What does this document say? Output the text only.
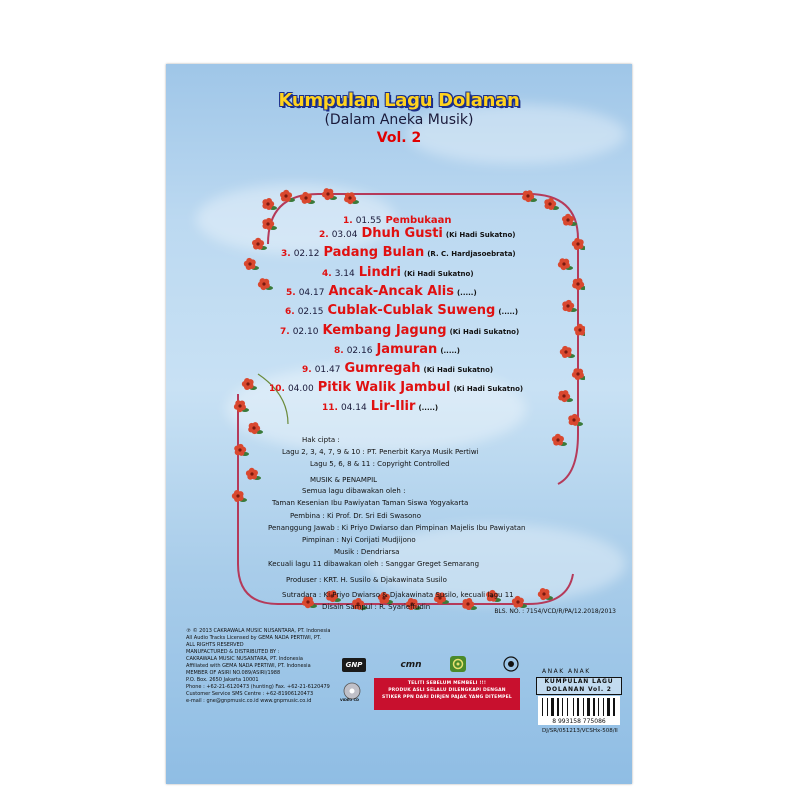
Kumpulan Lagu Dolanan
(Dalam Aneka Musik)
Vol. 2
1. 01.55 Pembukaan
2. 03.04 Dhuh Gusti (Ki Hadi Sukatno)
3. 02.12 Padang Bulan (R. C. Hardjasoebrata)
4. 3.14 Lindri (Ki Hadi Sukatno)
5. 04.17 Ancak-Ancak Alis (.....)
6. 02.15 Cublak-Cublak Suweng (.....)
7. 02.10 Kembang Jagung (Ki Hadi Sukatno)
8. 02.16 Jamuran (.....)
9. 01.47 Gumregah (Ki Hadi Sukatno)
10. 04.00 Pitik Walik Jambul (Ki Hadi Sukatno)
11. 04.14 Lir-Ilir (.....)
Hak cipta :
Lagu 2, 3, 4, 7, 9 & 10 : PT. Penerbit Karya Musik Pertiwi
Lagu 5, 6, 8 & 11 : Copyright Controlled
MUSIK & PENAMPIL
Semua lagu dibawakan oleh :
Taman Kesenian Ibu Pawiyatan Taman Siswa Yogyakarta
Pembina : Ki Prof. Dr. Sri Edi Swasono
Penanggung Jawab : Ki Priyo Dwiarso dan Pimpinan Majelis Ibu Pawiyatan
Pimpinan : Nyi Corijati Mudjijono
Musik : Dendriarsa
Kecuali lagu 11 dibawakan oleh : Sanggar Greget Semarang
Produser : KRT. H. Susilo & Djakawinata Susilo
Sutradara : Ki Priyo Dwiarso & Djakawinata Susilo, kecuali lagu 11
Disain Sampul : R. Syarieffudin
℗ © 2013 CAKRAWALA MUSIC NUSANTARA, PT. Indonesia
All Audio Tracks Licensed by GEMA NADA PERTIWI, PT.
ALL RIGHTS RESERVED
MANUFACTURED & DISTRIBUTED BY :
CAKRAWALA MUSIC NUSANTARA, PT. Indonesia
Affiliated with GEMA NADA PERTIWI, PT. Indonesia
MEMBER OF ASIRI NO.089/ASIRI/1988
P.O. Box. 2650 Jakarta 10001
Phone : +62-21-6120473 (hunting) Fax. +62-21-6120479
Customer Service SMS Centre : +62-81906120473
e-mail : gne@gnpmusic.co.id www.gnpmusic.co.id
BLS. NO. : 7154/VCD/R/PA/12.2018/2013
GNP	cmn
VIDEO CD
TELITI SEBELUM MEMBELI !!!
PRODUK ASLI SELALU DILENGKAPI DENGAN
STIKER PPN DARI DIRJEN PAJAK YANG DITEMPEL
ANAK ANAK
KUMPULAN LAGU
DOLANAN Vol. 2
8 993158 775086
DJ/SR/051213/VCSHx-508/II
